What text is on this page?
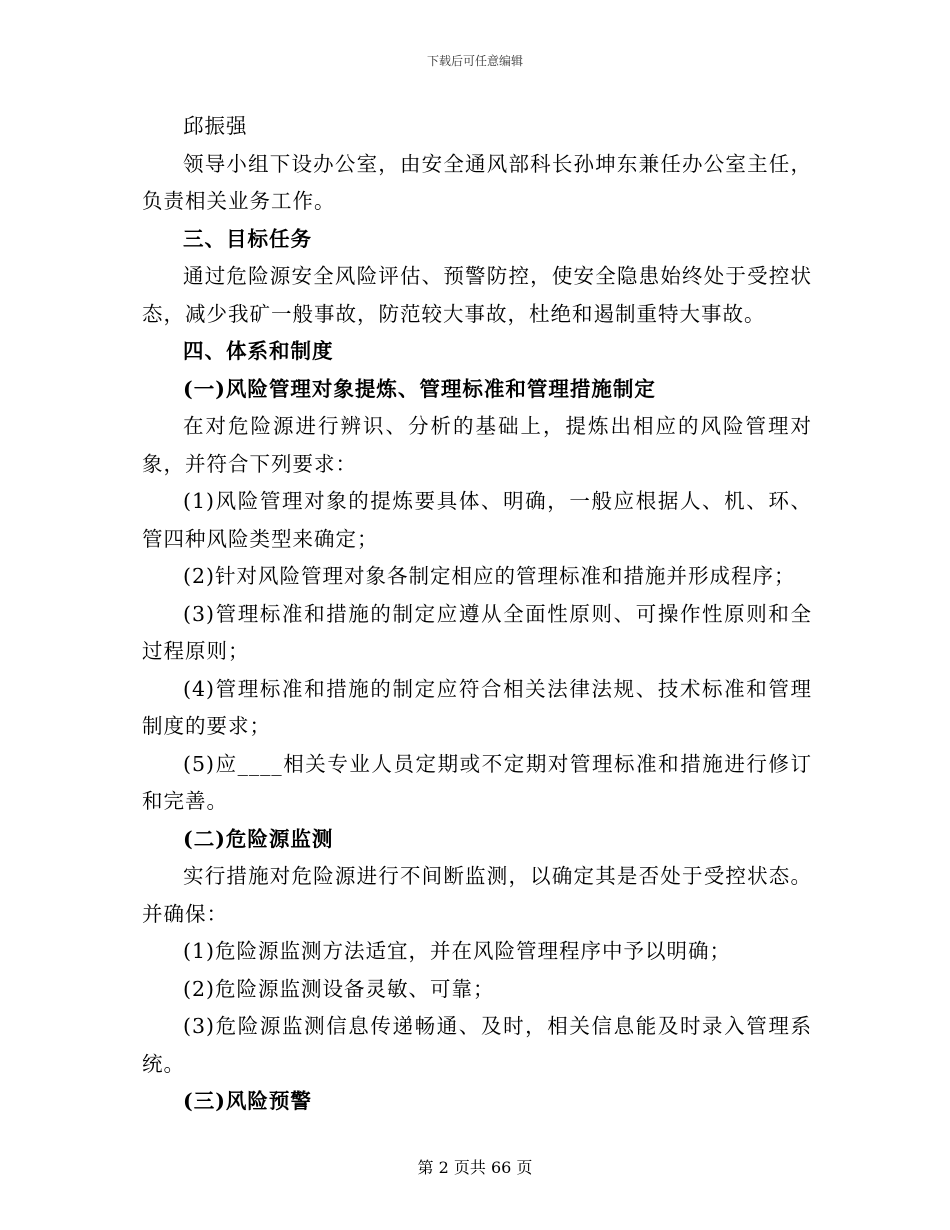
下载后可任意编辑

邱振强

领导小组下设办公室，由安全通风部科长孙坤东兼任办公室主任，负责相关业务工作。

三、目标任务

通过危险源安全风险评估、预警防控，使安全隐患始终处于受控状态，减少我矿一般事故，防范较大事故，杜绝和遏制重特大事故。

四、体系和制度

(一)风险管理对象提炼、管理标准和管理措施制定

在对危险源进行辨识、分析的基础上，提炼出相应的风险管理对象，并符合下列要求：

(1)风险管理对象的提炼要具体、明确，一般应根据人、机、环、管四种风险类型来确定；

(2)针对风险管理对象各制定相应的管理标准和措施并形成程序；

(3)管理标准和措施的制定应遵从全面性原则、可操作性原则和全过程原则；

(4)管理标准和措施的制定应符合相关法律法规、技术标准和管理制度的要求；

(5)应____相关专业人员定期或不定期对管理标准和措施进行修订和完善。

(二)危险源监测

实行措施对危险源进行不间断监测，以确定其是否处于受控状态。并确保：

(1)危险源监测方法适宜，并在风险管理程序中予以明确；

(2)危险源监测设备灵敏、可靠；

(3)危险源监测信息传递畅通、及时，相关信息能及时录入管理系统。

(三)风险预警

第 2 页共 66 页
